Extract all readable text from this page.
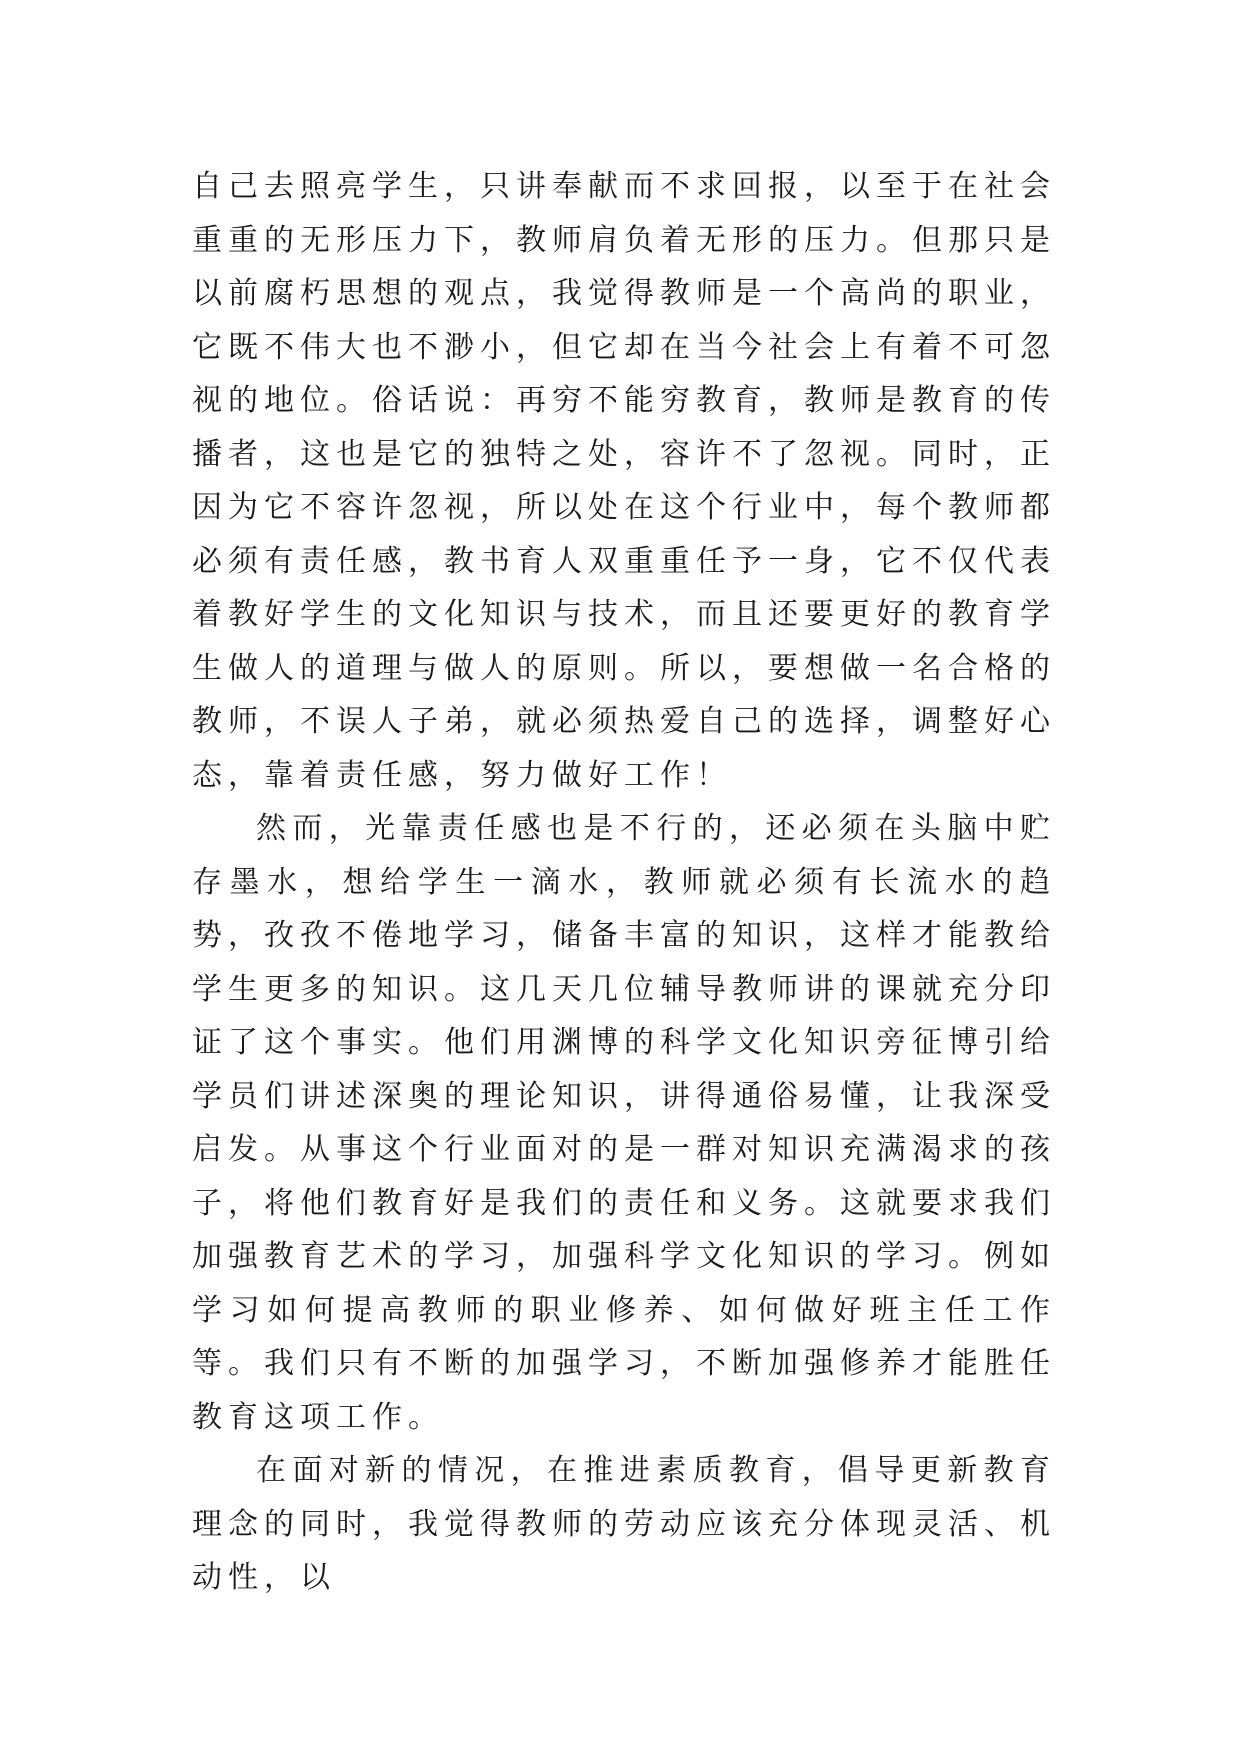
自己去照亮学生，只讲奉献而不求回报，以至于在社会重重的无形压力下，教师肩负着无形的压力。但那只是以前腐朽思想的观点，我觉得教师是一个高尚的职业，它既不伟大也不渺小，但它却在当今社会上有着不可忽视的地位。俗话说：再穷不能穷教育，教师是教育的传播者，这也是它的独特之处，容许不了忽视。同时，正因为它不容许忽视，所以处在这个行业中，每个教师都必须有责任感，教书育人双重重任予一身，它不仅代表着教好学生的文化知识与技术，而且还要更好的教育学生做人的道理与做人的原则。所以，要想做一名合格的教师，不误人子弟，就必须热爱自己的选择，调整好心态，靠着责任感，努力做好工作！

然而，光靠责任感也是不行的，还必须在头脑中贮存墨水，想给学生一滴水，教师就必须有长流水的趋势，孜孜不倦地学习，储备丰富的知识，这样才能教给学生更多的知识。这几天几位辅导教师讲的课就充分印证了这个事实。他们用渊博的科学文化知识旁征博引给学员们讲述深奥的理论知识，讲得通俗易懂，让我深受启发。从事这个行业面对的是一群对知识充满渴求的孩子，将他们教育好是我们的责任和义务。这就要求我们加强教育艺术的学习，加强科学文化知识的学习。例如学习如何提高教师的职业修养、如何做好班主任工作等。我们只有不断的加强学习，不断加强修养才能胜任教育这项工作。

在面对新的情况，在推进素质教育，倡导更新教育理念的同时，我觉得教师的劳动应该充分体现灵活、机动性，以
